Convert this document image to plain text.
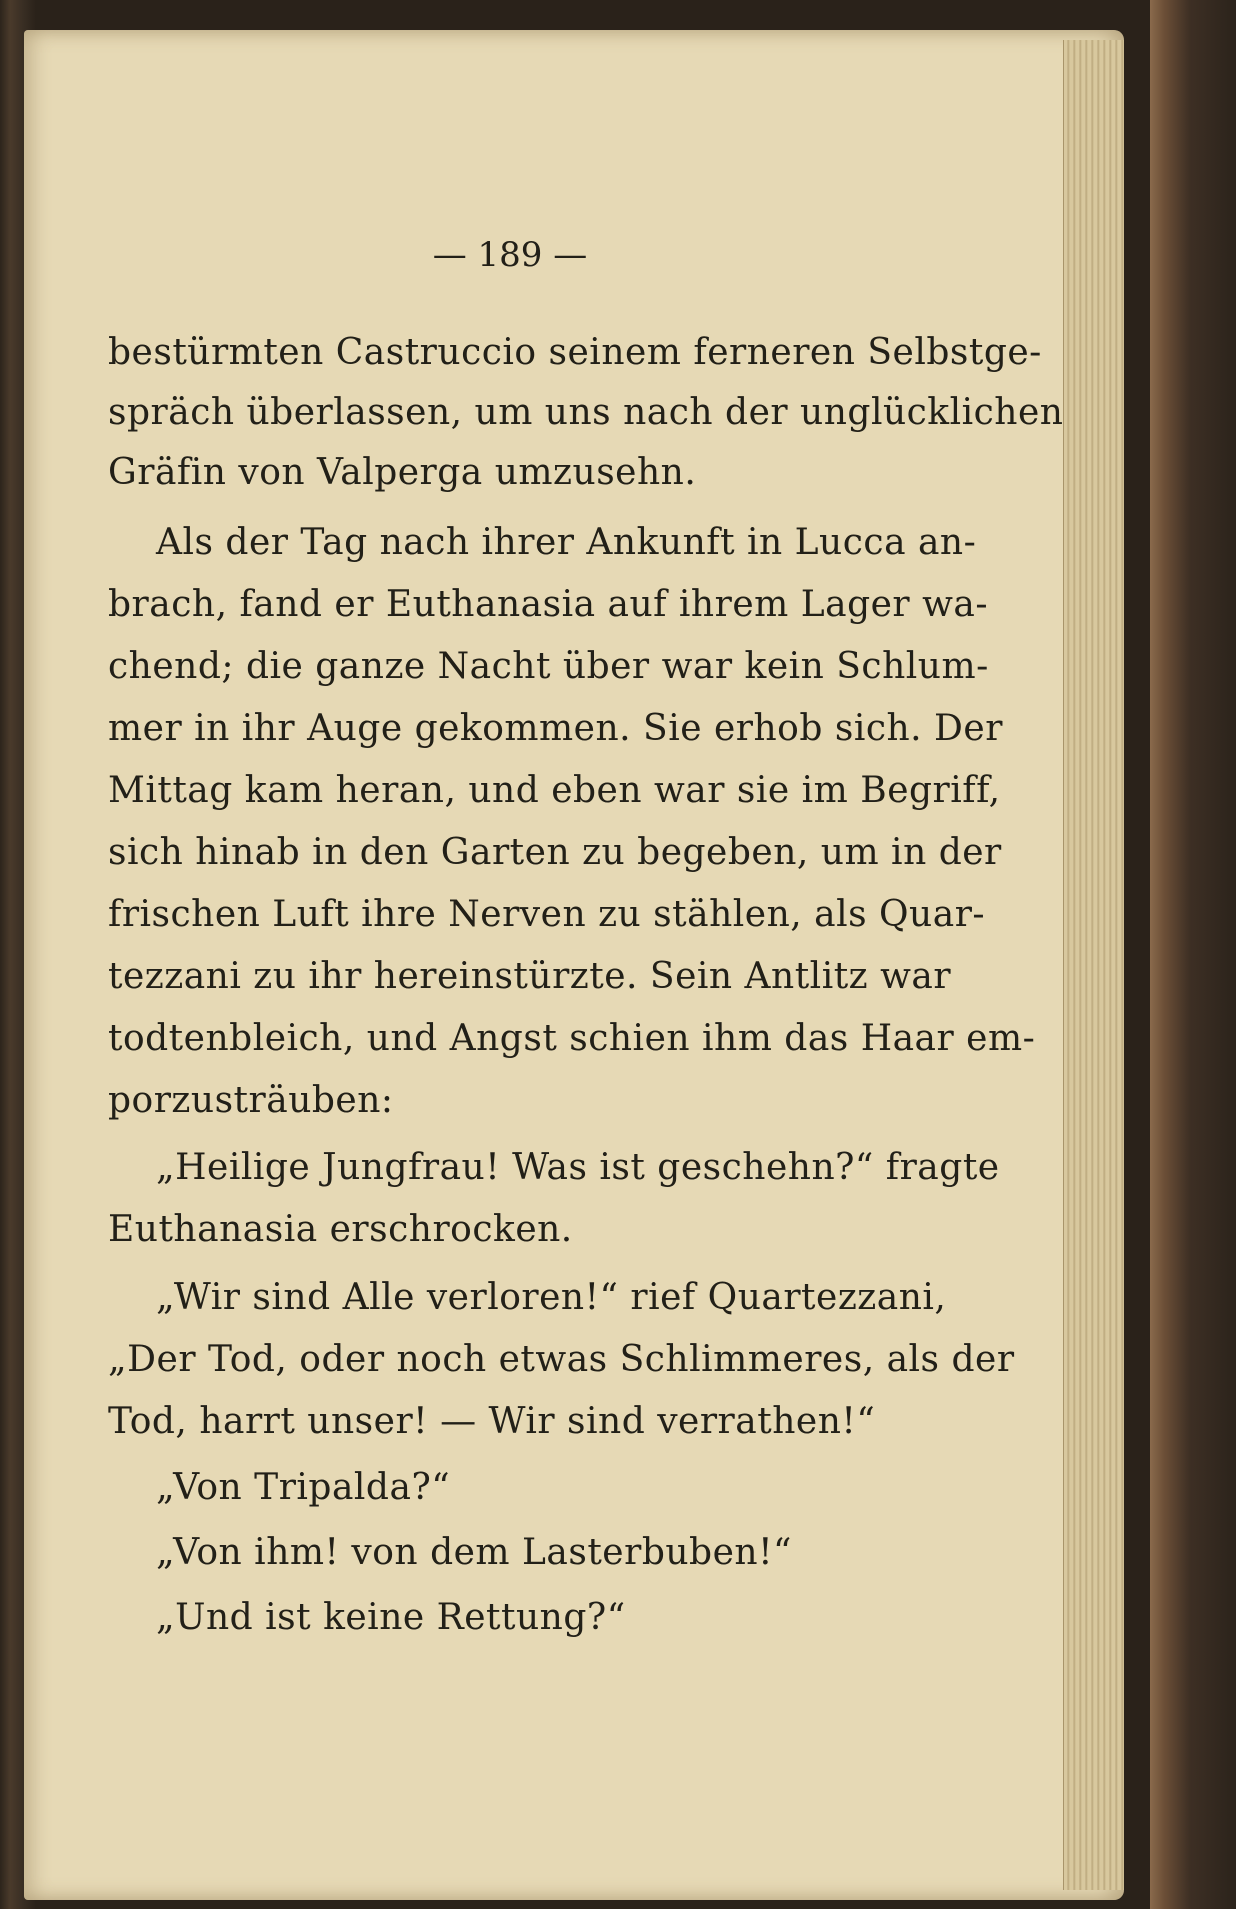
— 189 —

bestürmten Castruccio seinem ferneren Selbstge-

spräch überlassen, um uns nach der unglücklichen

Gräfin von Valperga umzusehn.

Als der Tag nach ihrer Ankunft in Lucca an-

brach, fand er Euthanasia auf ihrem Lager wa-

chend; die ganze Nacht über war kein Schlum-

mer in ihr Auge gekommen. Sie erhob sich. Der

Mittag kam heran, und eben war sie im Begriff,

sich hinab in den Garten zu begeben, um in der

frischen Luft ihre Nerven zu stählen, als Quar-

tezzani zu ihr hereinstürzte. Sein Antlitz war

todtenbleich, und Angst schien ihm das Haar em-

porzusträuben:

„Heilige Jungfrau! Was ist geschehn?“ fragte

Euthanasia erschrocken.

„Wir sind Alle verloren!“ rief Quartezzani,

„Der Tod, oder noch etwas Schlimmeres, als der

Tod, harrt unser! — Wir sind verrathen!“

„Von Tripalda?“

„Von ihm! von dem Lasterbuben!“

„Und ist keine Rettung?“
